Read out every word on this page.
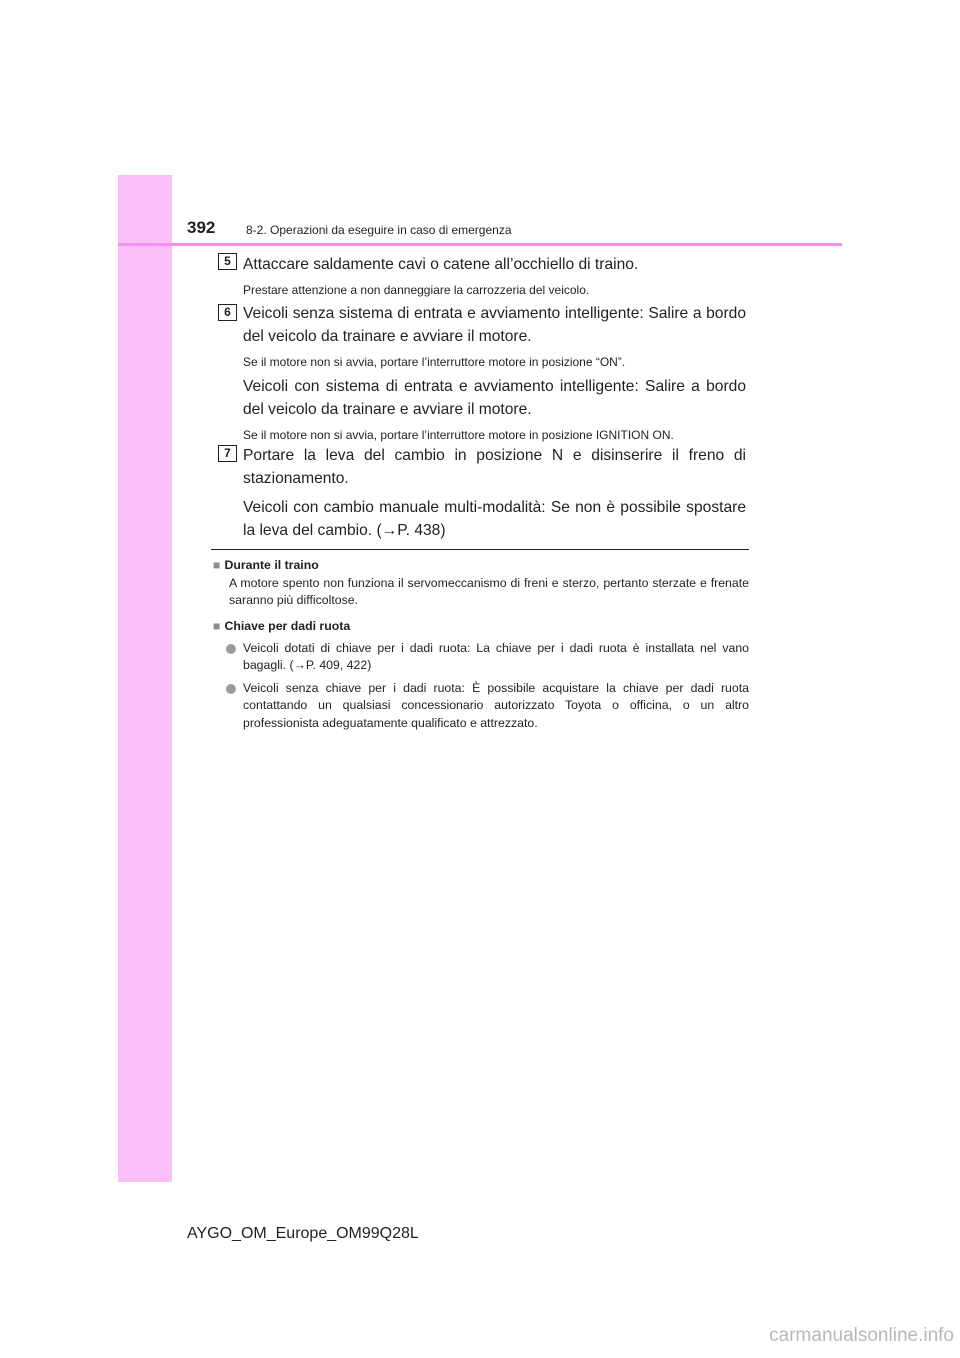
392	8-2. Operazioni da eseguire in caso di emergenza
5 Attaccare saldamente cavi o catene all’occhiello di traino.
Prestare attenzione a non danneggiare la carrozzeria del veicolo.
6 Veicoli senza sistema di entrata e avviamento intelligente: Salire a bordo del veicolo da trainare e avviare il motore.
Se il motore non si avvia, portare l’interruttore motore in posizione “ON”.
Veicoli con sistema di entrata e avviamento intelligente: Salire a bordo del veicolo da trainare e avviare il motore.
Se il motore non si avvia, portare l’interruttore motore in posizione IGNITION ON.
7 Portare la leva del cambio in posizione N e disinserire il freno di stazionamento.
Veicoli con cambio manuale multi-modalità: Se non è possibile spostare la leva del cambio. (→P. 438)
■ Durante il traino
A motore spento non funziona il servomeccanismo di freni e sterzo, pertanto sterzate e frenate saranno più difficoltose.
■ Chiave per dadi ruota
Veicoli dotati di chiave per i dadi ruota: La chiave per i dadi ruota è installata nel vano bagagli. (→P. 409, 422)
Veicoli senza chiave per i dadi ruota: È possibile acquistare la chiave per dadi ruota contattando un qualsiasi concessionario autorizzato Toyota o officina, o un altro professionista adeguatamente qualificato e attrezzato.
AYGO_OM_Europe_OM99Q28L
carmanualsonline.info
